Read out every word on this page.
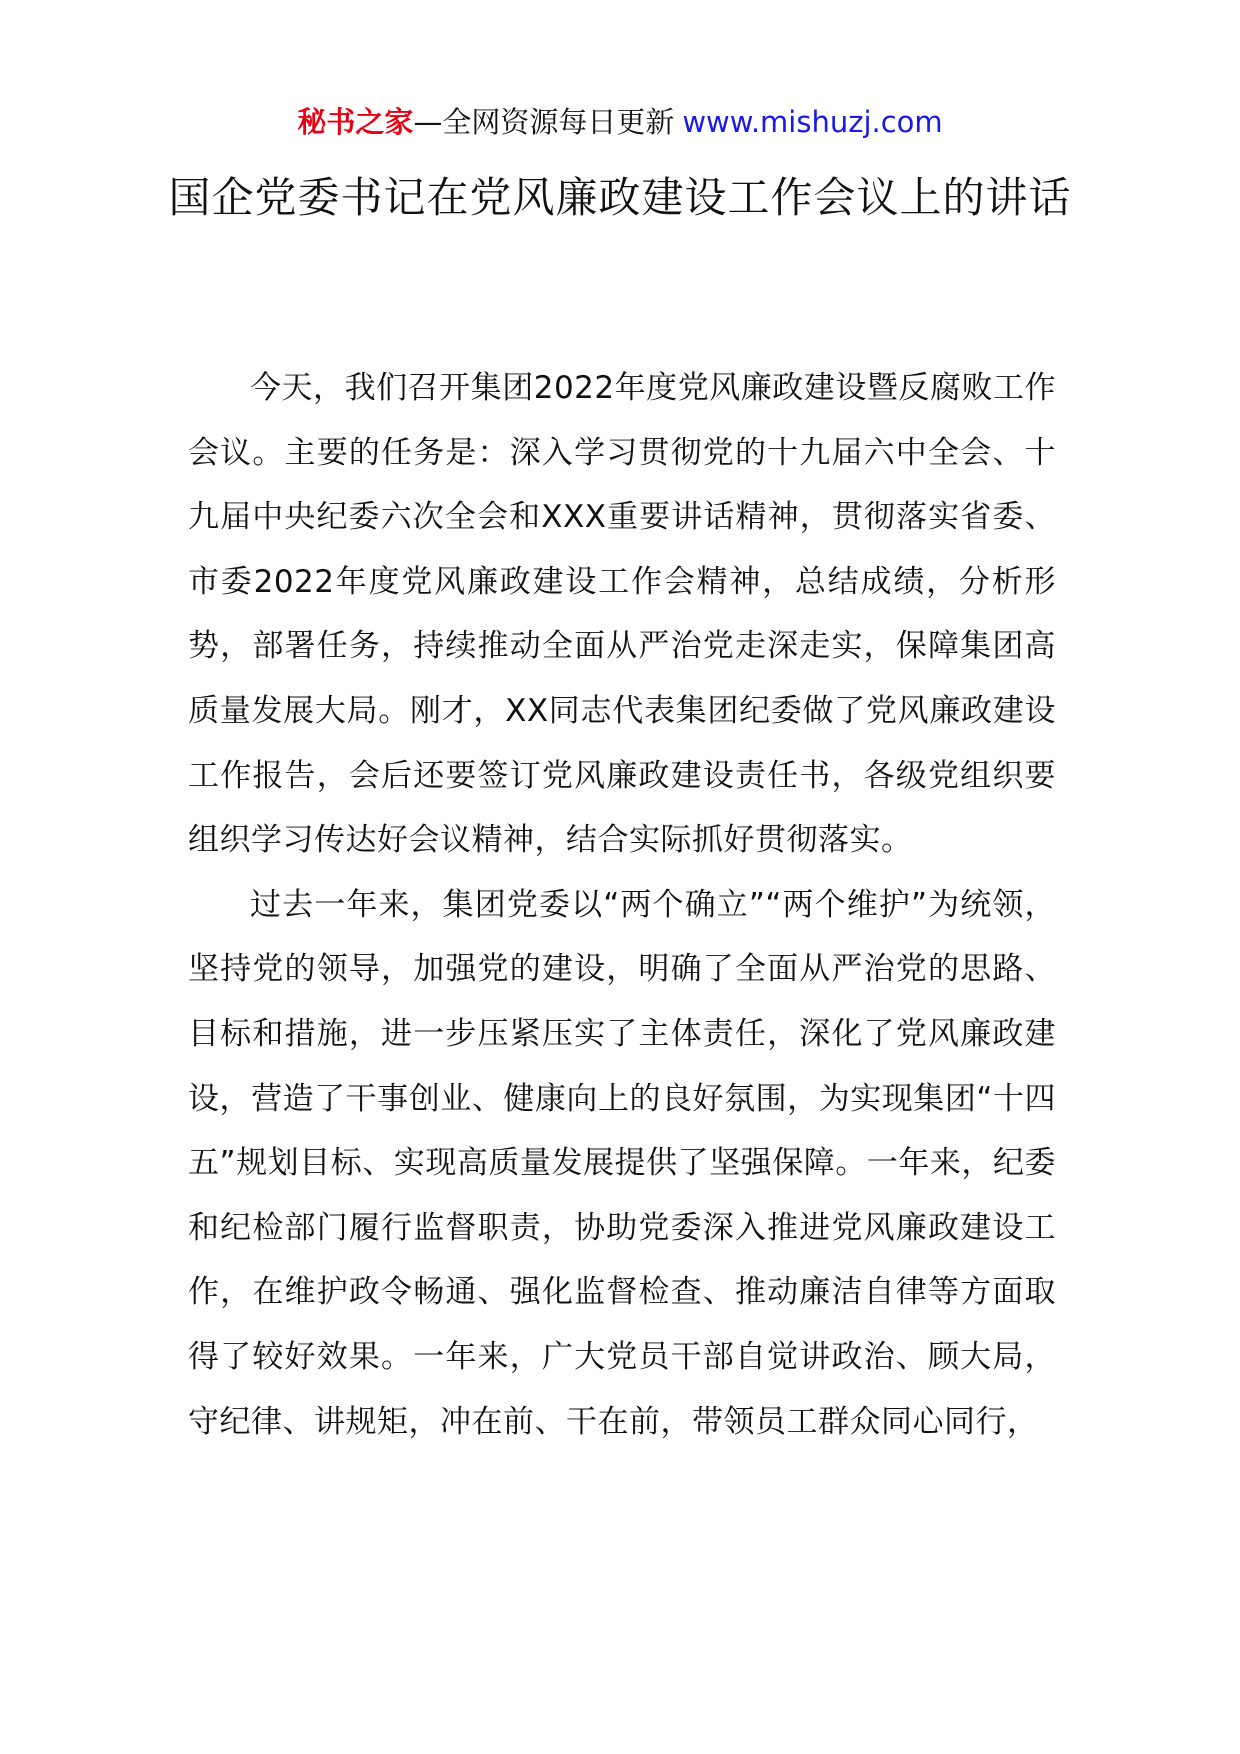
秘书之家—全网资源每日更新 www.mishuzj.com
国企党委书记在党风廉政建设工作会议上的讲话

今天，我们召开集团2022年度党风廉政建设暨反腐败工作会议。主要的任务是：深入学习贯彻党的十九届六中全会、十九届中央纪委六次全会和XXX重要讲话精神，贯彻落实省委、市委2022年度党风廉政建设工作会精神，总结成绩，分析形势，部署任务，持续推动全面从严治党走深走实，保障集团高质量发展大局。刚才，XX同志代表集团纪委做了党风廉政建设工作报告，会后还要签订党风廉政建设责任书，各级党组织要组织学习传达好会议精神，结合实际抓好贯彻落实。

过去一年来，集团党委以“两个确立”“两个维护”为统领，坚持党的领导，加强党的建设，明确了全面从严治党的思路、目标和措施，进一步压紧压实了主体责任，深化了党风廉政建设，营造了干事创业、健康向上的良好氛围，为实现集团“十四五”规划目标、实现高质量发展提供了坚强保障。一年来，纪委和纪检部门履行监督职责，协助党委深入推进党风廉政建设工作，在维护政令畅通、强化监督检查、推动廉洁自律等方面取得了较好效果。一年来，广大党员干部自觉讲政治、顾大局，守纪律、讲规矩，冲在前、干在前，带领员工群众同心同行，
